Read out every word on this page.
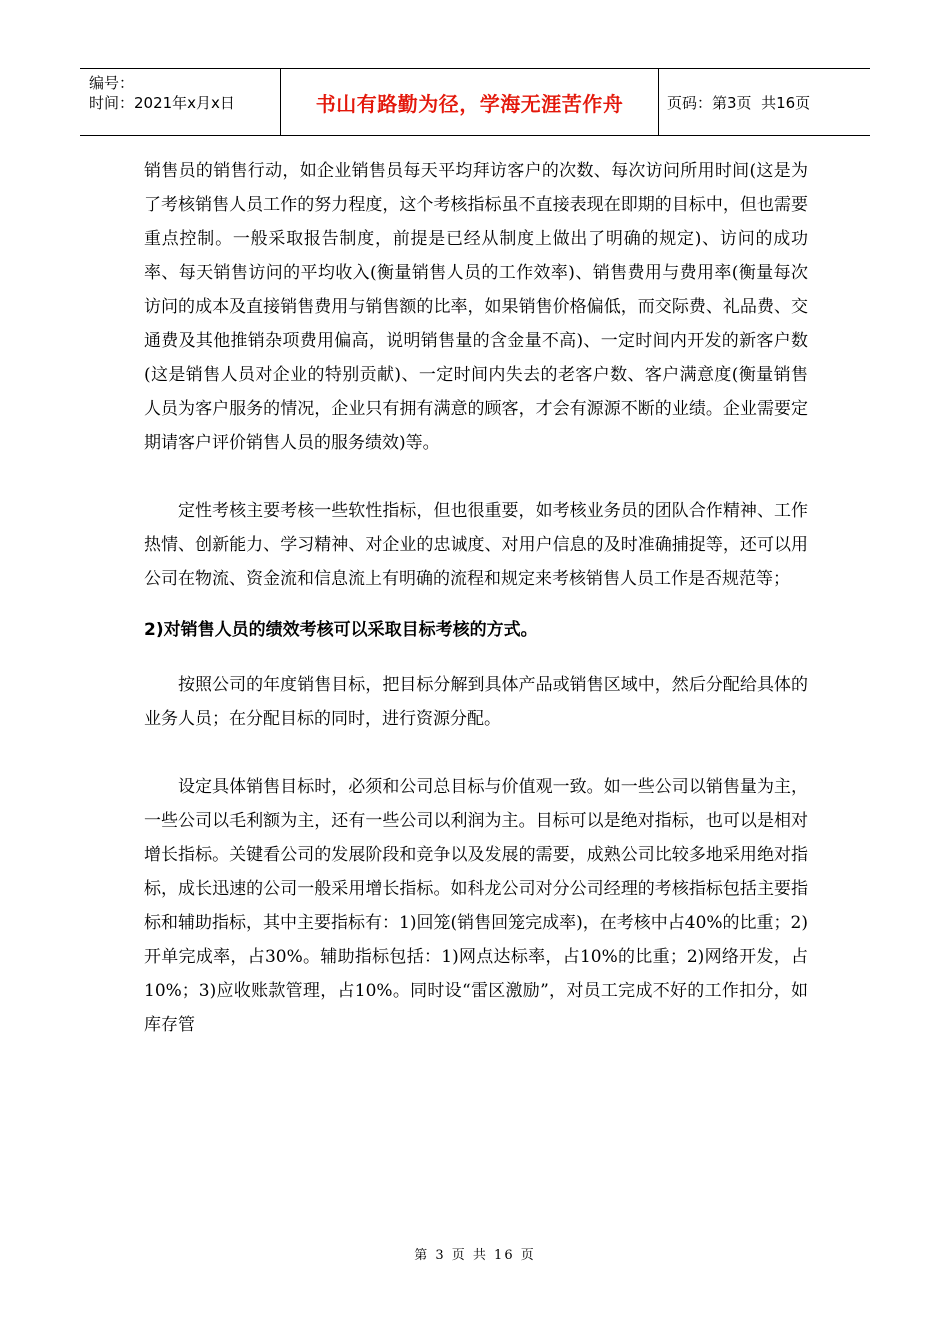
编号：
时间：2021年x月x日	书山有路勤为径，学海无涯苦作舟	页码：第3页  共16页

销售员的销售行动，如企业销售员每天平均拜访客户的次数、每次访问所用时间(这是为了考核销售人员工作的努力程度，这个考核指标虽不直接表现在即期的目标中，但也需要重点控制。一般采取报告制度，前提是已经从制度上做出了明确的规定)、访问的成功率、每天销售访问的平均收入(衡量销售人员的工作效率)、销售费用与费用率(衡量每次访问的成本及直接销售费用与销售额的比率，如果销售价格偏低，而交际费、礼品费、交通费及其他推销杂项费用偏高，说明销售量的含金量不高)、一定时间内开发的新客户数(这是销售人员对企业的特别贡献)、一定时间内失去的老客户数、客户满意度(衡量销售人员为客户服务的情况，企业只有拥有满意的顾客，才会有源源不断的业绩。企业需要定期请客户评价销售人员的服务绩效)等。

定性考核主要考核一些软性指标，但也很重要，如考核业务员的团队合作精神、工作热情、创新能力、学习精神、对企业的忠诚度、对用户信息的及时准确捕捉等，还可以用公司在物流、资金流和信息流上有明确的流程和规定来考核销售人员工作是否规范等；

2)对销售人员的绩效考核可以采取目标考核的方式。

按照公司的年度销售目标，把目标分解到具体产品或销售区域中，然后分配给具体的业务人员；在分配目标的同时，进行资源分配。

设定具体销售目标时，必须和公司总目标与价值观一致。如一些公司以销售量为主，一些公司以毛利额为主，还有一些公司以利润为主。目标可以是绝对指标，也可以是相对增长指标。关键看公司的发展阶段和竞争以及发展的需要，成熟公司比较多地采用绝对指标，成长迅速的公司一般采用增长指标。如科龙公司对分公司经理的考核指标包括主要指标和辅助指标，其中主要指标有：1)回笼(销售回笼完成率)，在考核中占40%的比重；2)开单完成率，占30%。辅助指标包括：1)网点达标率，占10%的比重；2)网络开发，占10%；3)应收账款管理，占10%。同时设“雷区激励”，对员工完成不好的工作扣分，如库存管

第 3 页 共 16 页
